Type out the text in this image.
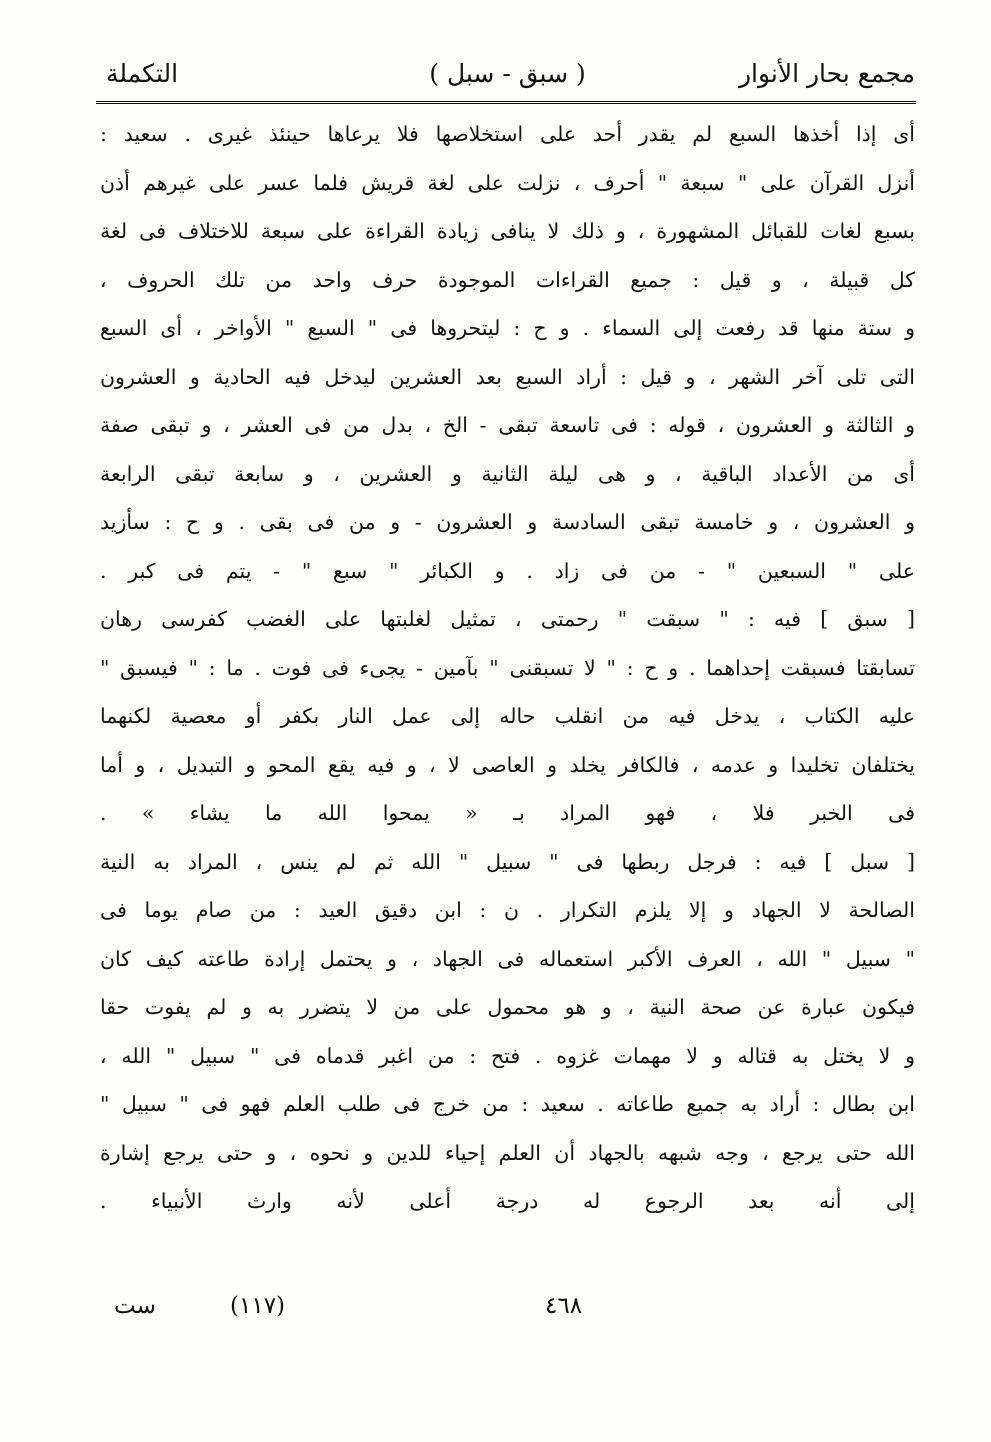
مجمع بحار الأنوار
( سبق - سبل )
التكملة
أى إذا أخذها السبع لم يقدر أحد على استخلاصها فلا يرعاها حينئذ غيرى . سعيد :
أنزل القرآن على " سبعة " أحرف ، نزلت على لغة قريش فلما عسر على غيرهم أذن
بسبع لغات للقبائل المشهورة ، و ذلك لا ينافى زيادة القراءة على سبعة للاختلاف فى لغة
كل قبيلة ، و قيل : جميع القراءات الموجودة حرف واحد من تلك الحروف ،
و ستة منها قد رفعت إلى السماء . و ح : ليتحروها فى " السبع " الأواخر ، أى السبع
التى تلى آخر الشهر ، و قيل : أراد السبع بعد العشرين ليدخل فيه الحادية و العشرون
و الثالثة و العشرون ، قوله : فى تاسعة تبقى - الخ ، بدل من فى العشر ، و تبقى صفة
أى من الأعداد الباقية ، و هى ليلة الثانية و العشرين ، و سابعة تبقى الرابعة
و العشرون ، و خامسة تبقى السادسة و العشرون - و من فى بقى . و ح : سأزيد
على " السبعين " - من فى زاد . و الكبائر " سبع " - يتم فى كبر .
[ سبق ] فيه : " سبقت " رحمتى ، تمثيل لغلبتها على الغضب كفرسى رهان
تسابقتا فسبقت إحداهما . و ح : " لا تسبقنى " بآمين - يجىء فى فوت . ما : " فيسبق "
عليه الكتاب ، يدخل فيه من انقلب حاله إلى عمل النار بكفر أو معصية لكنهما
يختلفان تخليدا و عدمه ، فالكافر يخلد و العاصى لا ، و فيه يقع المحو و التبديل ، و أما
فى الخبر فلا ، فهو المراد بـ « يمحوا الله ما يشاء » .
[ سبل ] فيه : فرجل ربطها فى " سبيل " الله ثم لم ينس ، المراد به النية
الصالحة لا الجهاد و إلا يلزم التكرار . ن : ابن دقيق العيد : من صام يوما فى
" سبيل " الله ، العرف الأكبر استعماله فى الجهاد ، و يحتمل إرادة طاعته كيف كان
فيكون عبارة عن صحة النية ، و هو محمول على من لا يتضرر به و لم يفوت حقا
و لا يختل به قتاله و لا مهمات غزوه . فتح : من اغبر قدماه فى " سبيل " الله ،
ابن بطال : أراد به جميع طاعاته . سعيد : من خرج فى طلب العلم فهو فى " سبيل "
الله حتى يرجع ، وجه شبهه بالجهاد أن العلم إحياء للدين و نحوه ، و حتى يرجع إشارة
إلى أنه بعد الرجوع له درجة أعلى لأنه وارث الأنبياء .
ست	(١١٧)	٤٦٨
